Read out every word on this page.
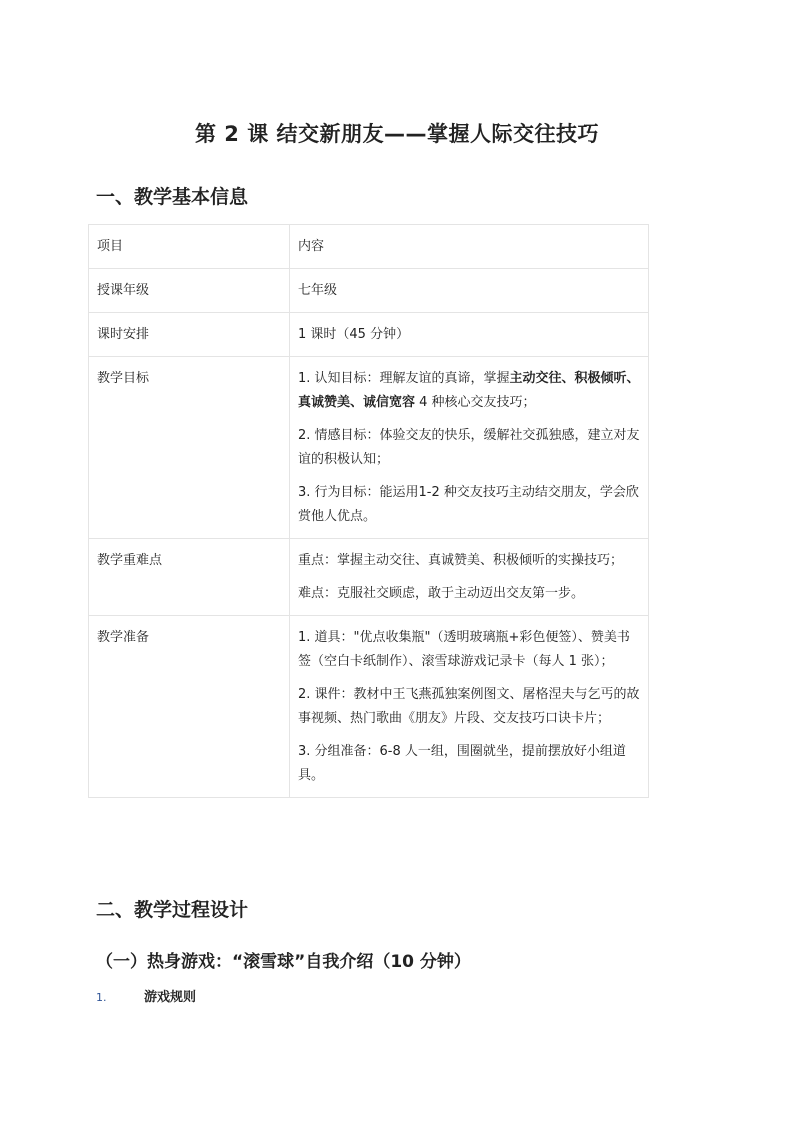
第 2 课 结交新朋友——掌握人际交往技巧
一、教学基本信息
项目	内容
授课年级	七年级
课时安排	1 课时（45 分钟）
教学目标	1. 认知目标：理解友谊的真谛，掌握主动交往、积极倾听、真诚赞美、诚信宽容 4 种核心交友技巧；

2. 情感目标：体验交友的快乐，缓解社交孤独感，建立对友谊的积极认知；

3. 行为目标：能运用1-2 种交友技巧主动结交朋友，学会欣赏他人优点。

教学重难点	重点：掌握主动交往、真诚赞美、积极倾听的实操技巧；

难点：克服社交顾虑，敢于主动迈出交友第一步。

教学准备	1. 道具："优点收集瓶"（透明玻璃瓶+彩色便签）、赞美书签（空白卡纸制作）、滚雪球游戏记录卡（每人 1 张）；

2. 课件：教材中王飞燕孤独案例图文、屠格涅夫与乞丐的故事视频、热门歌曲《朋友》片段、交友技巧口诀卡片；

3. 分组准备：6-8 人一组，围圈就坐，提前摆放好小组道具。

二、教学过程设计
（一）热身游戏：“滚雪球”自我介绍（10 分钟）
1.	游戏规则
